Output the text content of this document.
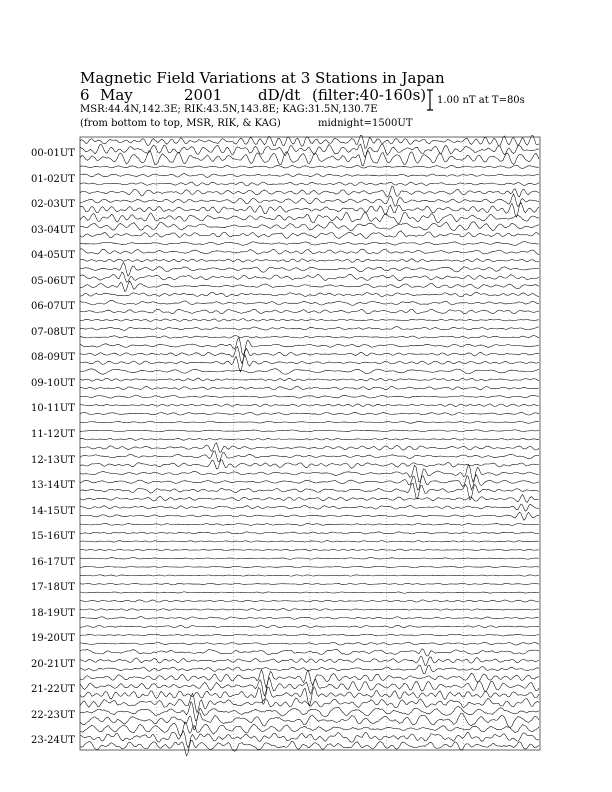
Magnetic Field Variations at 3 Stations in Japan
6 May	2001 dD/dt (filter:40-160s)
MSR:44.4N,142.3E; RIK:43.5N,143.8E; KAG:31.5N,130.7E
(from bottom to top, MSR, RIK, & KAG)	midnight=1500UT
1.00 nT at T=80s
00-01UT
01-02UT
02-03UT
03-04UT
04-05UT
05-06UT
06-07UT
07-08UT
08-09UT
09-10UT
10-11UT
11-12UT
12-13UT
13-14UT
14-15UT
15-16UT
16-17UT
17-18UT
18-19UT
19-20UT
20-21UT
21-22UT
22-23UT
23-24UT
